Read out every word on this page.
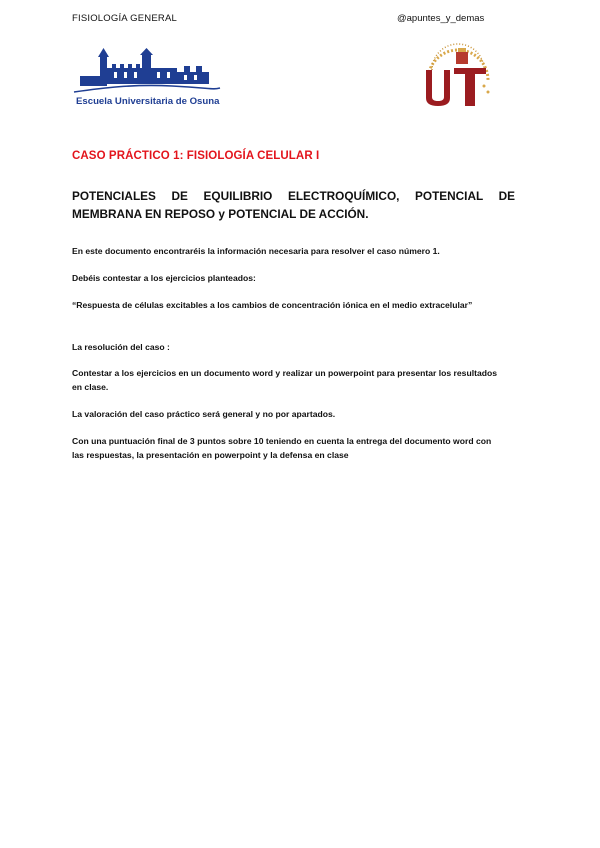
FISIOLOGÍA GENERAL	@apuntes_y_demas
Escuela Universitaria de Osuna
CASO PRÁCTICO 1: FISIOLOGÍA CELULAR I
POTENCIALES DE EQUILIBRIO ELECTROQUÍMICO, POTENCIAL DE MEMBRANA EN REPOSO y POTENCIAL DE ACCIÓN.
En este documento encontraréis la información necesaria para resolver el caso número 1.
Debéis contestar a los ejercicios planteados:
“Respuesta de células excitables a los cambios de concentración iónica en el medio extracelular”
La resolución del caso :
Contestar a los ejercicios en un documento word y realizar un powerpoint para presentar los resultados en clase.
La valoración del caso práctico será general y no por apartados.
Con una puntuación final de 3 puntos sobre 10 teniendo en cuenta la entrega del documento word con las respuestas, la presentación en powerpoint y la defensa en clase
